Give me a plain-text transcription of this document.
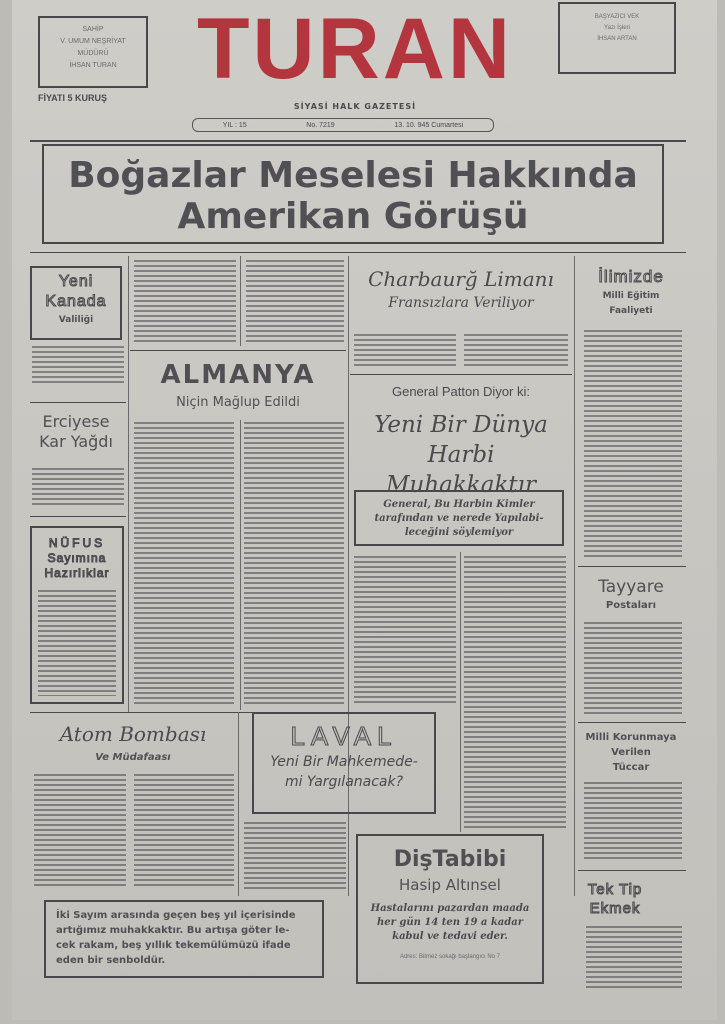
SAHİP
V. UMUM NEŞRİYAT
MÜDÜRÜ
İHSAN TURAN
FİYATI 5 KURUŞ
TURAN
SİYASİ HALK GAZETESİ
YIL : 15	No. 7219	13. 10. 945 Cumartesi
BAŞYAZICI VEK
Yazı İşleri
İHSAN ARTAN
Boğazlar Meselesi Hakkında
Amerikan Görüşü
Yeni
Kanada
Valiliği
Erciyese
Kar Yağdı
NÜFUS
Sayımına
Hazırlıklar
ALMANYA
Niçin Mağlup Edildi
Charbaurğ Limanı
Fransızlara Veriliyor
General Patton Diyor ki:
Yeni Bir Dünya
Harbi Muhakkaktır
General, Bu Harbin Kimler
tarafından ve nerede Yapılabi-
leceğini söylemiyor
İlimizde
Milli Eğitim
Faaliyeti
Tayyare
Postaları
Milli Korunmaya
Verilen
Tüccar
Tek Tip
Ekmek
Atom Bombası
Ve Müdafaası
LAVAL
Yeni Bir Mahkemede-
mi Yargılanacak?
DişTabibi
Hasip Altınsel
Hastalarını pazardan maada
her gün 14 ten 19 a kadar
kabul ve tedavi eder.
Adres: Bitmez sokağı başlangıcı No 7
İki Sayım arasında geçen beş yıl içerisinde
artığımız muhakkaktır. Bu artışa göter le-
cek rakam, beş yıllık tekemülümüzü ifade
eden bir senboldür.
